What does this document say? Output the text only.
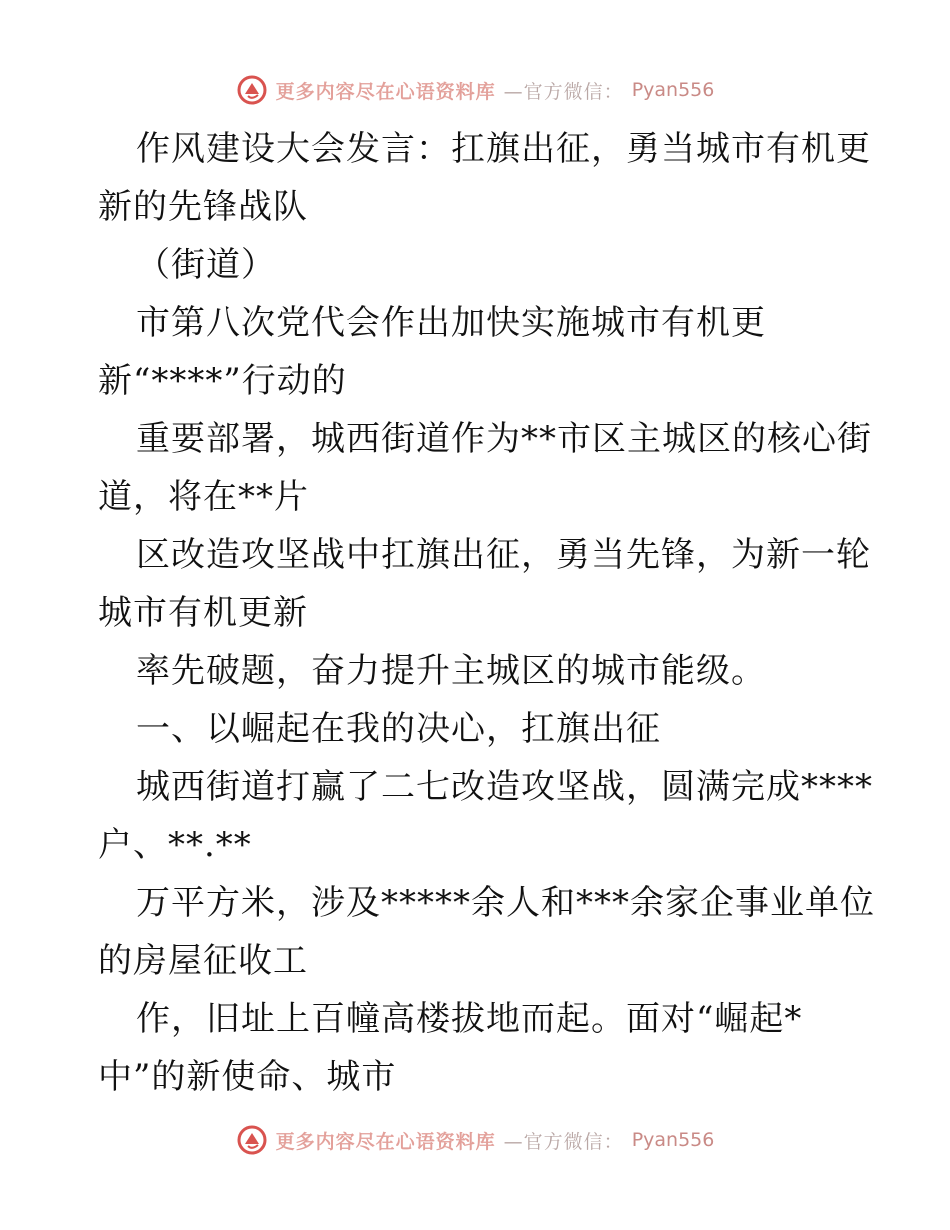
更多内容尽在心语资料库 —官方微信： Pyan556
作风建设大会发言：扛旗出征，勇当城市有机更
新的先锋战队
（街道）
市第八次党代会作出加快实施城市有机更
新“****”行动的
重要部署，城西街道作为**市区主城区的核心街
道，将在**片
区改造攻坚战中扛旗出征，勇当先锋，为新一轮
城市有机更新
率先破题，奋力提升主城区的城市能级。
一、以崛起在我的决心，扛旗出征
城西街道打赢了二七改造攻坚战，圆满完成****
户、**.**
万平方米，涉及*****余人和***余家企事业单位
的房屋征收工
作，旧址上百幢高楼拔地而起。面对“崛起*
中”的新使命、城市
更多内容尽在心语资料库 —官方微信： Pyan556
